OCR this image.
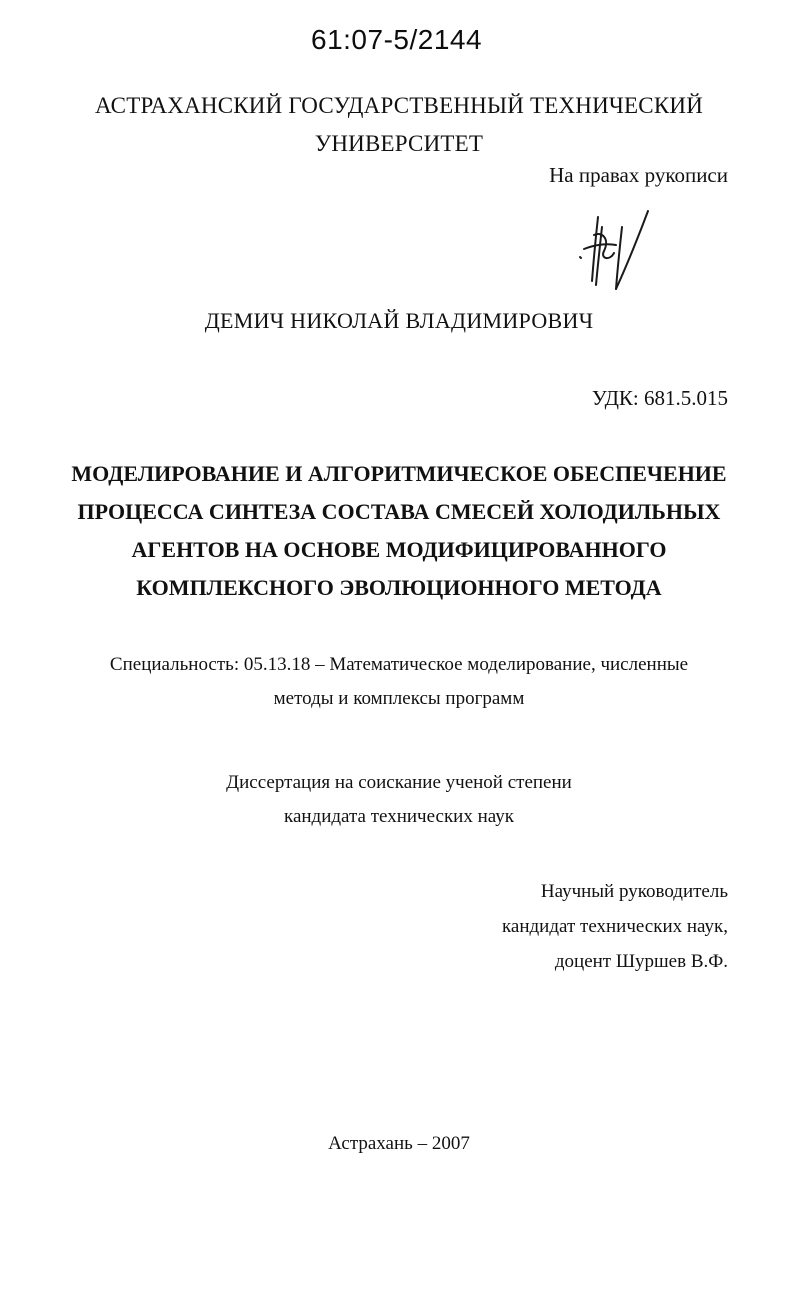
61:07-5/2144
АСТРАХАНСКИЙ ГОСУДАРСТВЕННЫЙ ТЕХНИЧЕСКИЙ
УНИВЕРСИТЕТ
На правах рукописи
ДЕМИЧ НИКОЛАЙ ВЛАДИМИРОВИЧ
УДК: 681.5.015
МОДЕЛИРОВАНИЕ И АЛГОРИТМИЧЕСКОЕ ОБЕСПЕЧЕНИЕ
ПРОЦЕССА СИНТЕЗА СОСТАВА СМЕСЕЙ ХОЛОДИЛЬНЫХ
АГЕНТОВ НА ОСНОВЕ МОДИФИЦИРОВАННОГО
КОМПЛЕКСНОГО ЭВОЛЮЦИОННОГО МЕТОДА
Специальность: 05.13.18 – Математическое моделирование, численные
методы и комплексы программ
Диссертация на соискание ученой степени
кандидата технических наук
Научный руководитель
кандидат технических наук,
доцент Шуршев В.Ф.
Астрахань – 2007
